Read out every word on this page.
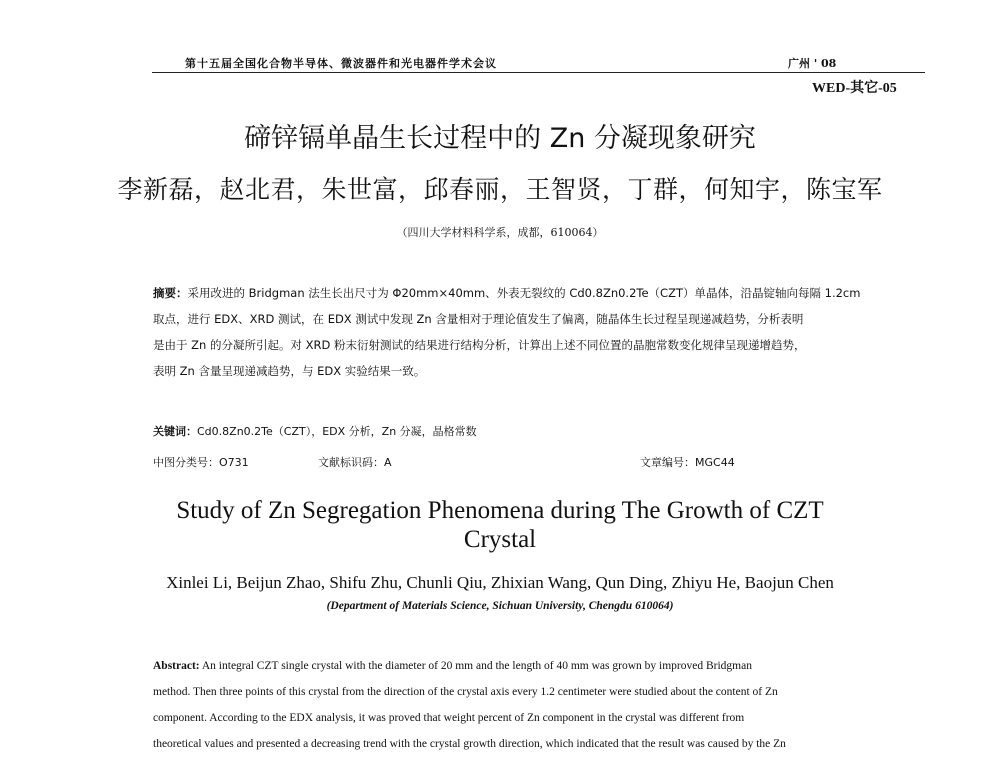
第十五届全国化合物半导体、微波器件和光电器件学术会议	广州 ' 08
WED-其它-05
碲锌镉单晶生长过程中的 Zn 分凝现象研究
李新磊，赵北君，朱世富，邱春丽，王智贤，丁群，何知宇，陈宝军
（四川大学材料科学系，成都，610064）
摘要：采用改进的 Bridgman 法生长出尺寸为 Φ20mm×40mm、外表无裂纹的 Cd0.8Zn0.2Te（CZT）单晶体，沿晶锭轴向每隔 1.2cm
取点，进行 EDX、XRD 测试，在 EDX 测试中发现 Zn 含量相对于理论值发生了偏离，随晶体生长过程呈现递减趋势，分析表明
是由于 Zn 的分凝所引起。对 XRD 粉末衍射测试的结果进行结构分析，计算出上述不同位置的晶胞常数变化规律呈现递增趋势，
表明 Zn 含量呈现递减趋势，与 EDX 实验结果一致。
关键词：Cd0.8Zn0.2Te（CZT），EDX 分析，Zn 分凝，晶格常数
中图分类号：O731	文献标识码：A	文章编号：MGC44
Study of Zn Segregation Phenomena during The Growth of CZT
Crystal
Xinlei Li, Beijun Zhao, Shifu Zhu, Chunli Qiu, Zhixian Wang, Qun Ding, Zhiyu He, Baojun Chen
(Department of Materials Science, Sichuan University, Chengdu 610064)
Abstract: An integral CZT single crystal with the diameter of 20 mm and the length of 40 mm was grown by improved Bridgman
method. Then three points of this crystal from the direction of the crystal axis every 1.2 centimeter were studied about the content of Zn
component. According to the EDX analysis, it was proved that weight percent of Zn component in the crystal was different from
theoretical values and presented a decreasing trend with the crystal growth direction, which indicated that the result was caused by the Zn
